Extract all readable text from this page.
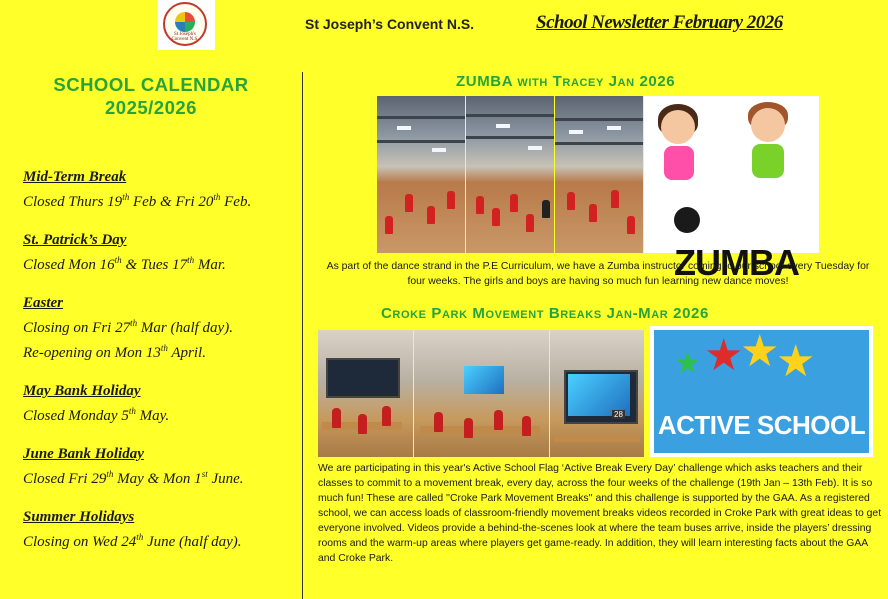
St Joseph's Convent N.S.
St Joseph’s Convent N.S.	School Newsletter February 2026
SCHOOL CALENDAR
2025/2026
Mid-Term Break
Closed Thurs 19th Feb & Fri 20th Feb.
St. Patrick’s Day
Closed Mon 16th & Tues 17th Mar.
Easter
Closing on Fri 27th Mar (half day).
Re-opening on Mon 13th April.
May Bank Holiday
Closed Monday 5th May.
June Bank Holiday
Closed Fri 29th May & Mon 1st June.
Summer Holidays
Closing on Wed 24th June (half day).
ZUMBA with Tracey Jan 2026
ZUMBA
As part of the dance strand in the P.E Curriculum, we have a Zumba instructor coming to our school every Tuesday for four weeks. The girls and boys are having so much fun learning new dance moves!
Croke Park Movement Breaks Jan-Mar 2026
28
★
★
★
★
ACTIVE SCHOOL
We are participating in this year's Active School Flag ‘Active Break Every Day’ challenge which asks teachers and their classes to commit to a movement break, every day, across the four weeks of the challenge (19th Jan – 13th Feb). It is so much fun! These are called ''Croke Park Movement Breaks'' and this challenge is supported by the GAA. As a registered school, we can access loads of classroom-friendly movement breaks videos recorded in Croke Park with great ideas to get everyone involved. Videos provide a behind-the-scenes look at where the team buses arrive, inside the players’ dressing rooms and the warm-up areas where players get game-ready. In addition, they will learn interesting facts about the GAA and Croke Park.
